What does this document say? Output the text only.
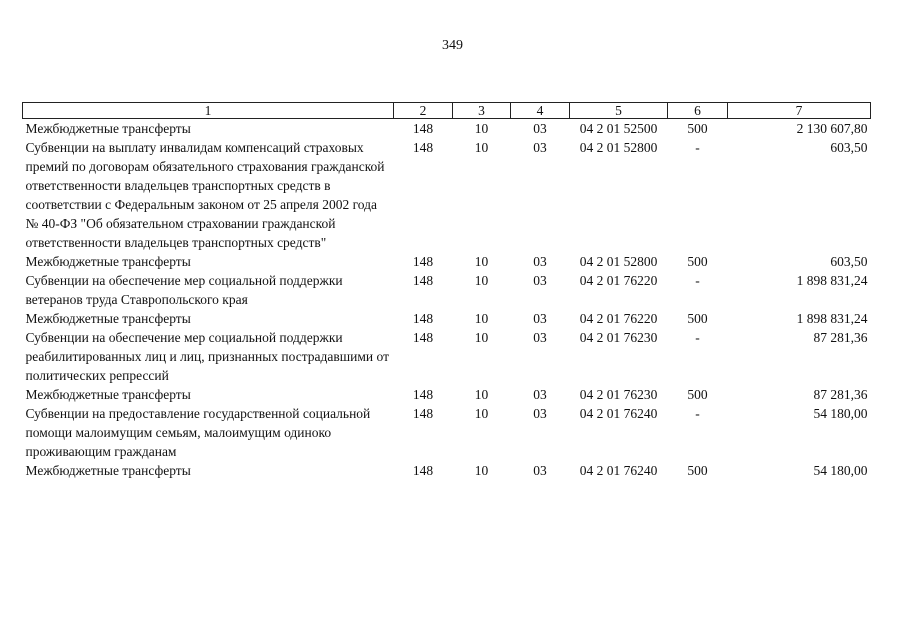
349
1	2	3	4	5	6	7
Межбюджетные трансферты	148	10	03	04 2 01 52500	500	2 130 607,80
Субвенции на выплату инвалидам компенсаций страховых премий по договорам обязательного страхования гражданской ответственности владельцев транспортных средств в соответствии с Федеральным законом от 25 апреля 2002 года № 40-ФЗ "Об обязательном страховании гражданской ответственности владельцев транспортных средств"	148	10	03	04 2 01 52800	-	603,50
Межбюджетные трансферты	148	10	03	04 2 01 52800	500	603,50
Субвенции на обеспечение мер социальной поддержки ветеранов труда Ставропольского края	148	10	03	04 2 01 76220	-	1 898 831,24
Межбюджетные трансферты	148	10	03	04 2 01 76220	500	1 898 831,24
Субвенции на обеспечение мер социальной поддержки реабилитированных лиц и лиц, признанных пострадавшими от политических репрессий	148	10	03	04 2 01 76230	-	87 281,36
Межбюджетные трансферты	148	10	03	04 2 01 76230	500	87 281,36
Субвенции на предоставление государственной социальной помощи малоимущим семьям, малоимущим одиноко проживающим гражданам	148	10	03	04 2 01 76240	-	54 180,00
Межбюджетные трансферты	148	10	03	04 2 01 76240	500	54 180,00
